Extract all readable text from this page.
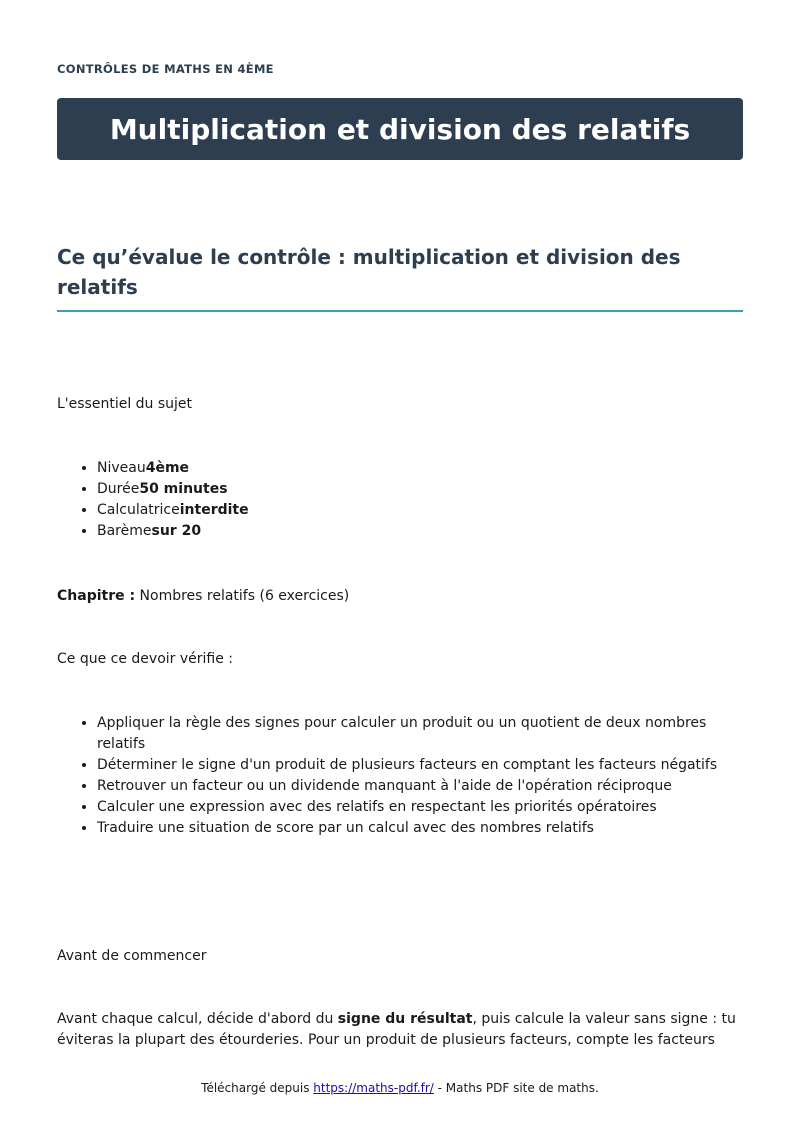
CONTRÔLES DE MATHS EN 4ÈME
Multiplication et division des relatifs
Ce qu’évalue le contrôle : multiplication et division des relatifs

L'essentiel du sujet

• Niveau4ème
• Durée50 minutes
• Calculatriceinterdite
• Barèmesur 20

Chapitre : Nombres relatifs (6 exercices)

Ce que ce devoir vérifie :

• Appliquer la règle des signes pour calculer un produit ou un quotient de deux nombres relatifs
• Déterminer le signe d'un produit de plusieurs facteurs en comptant les facteurs négatifs
• Retrouver un facteur ou un dividende manquant à l'aide de l'opération réciproque
• Calculer une expression avec des relatifs en respectant les priorités opératoires
• Traduire une situation de score par un calcul avec des nombres relatifs

Avant de commencer

Avant chaque calcul, décide d'abord du signe du résultat, puis calcule la valeur sans signe : tu éviteras la plupart des étourderies. Pour un produit de plusieurs facteurs, compte les facteurs

Téléchargé depuis https://maths-pdf.fr/ - Maths PDF site de maths.
